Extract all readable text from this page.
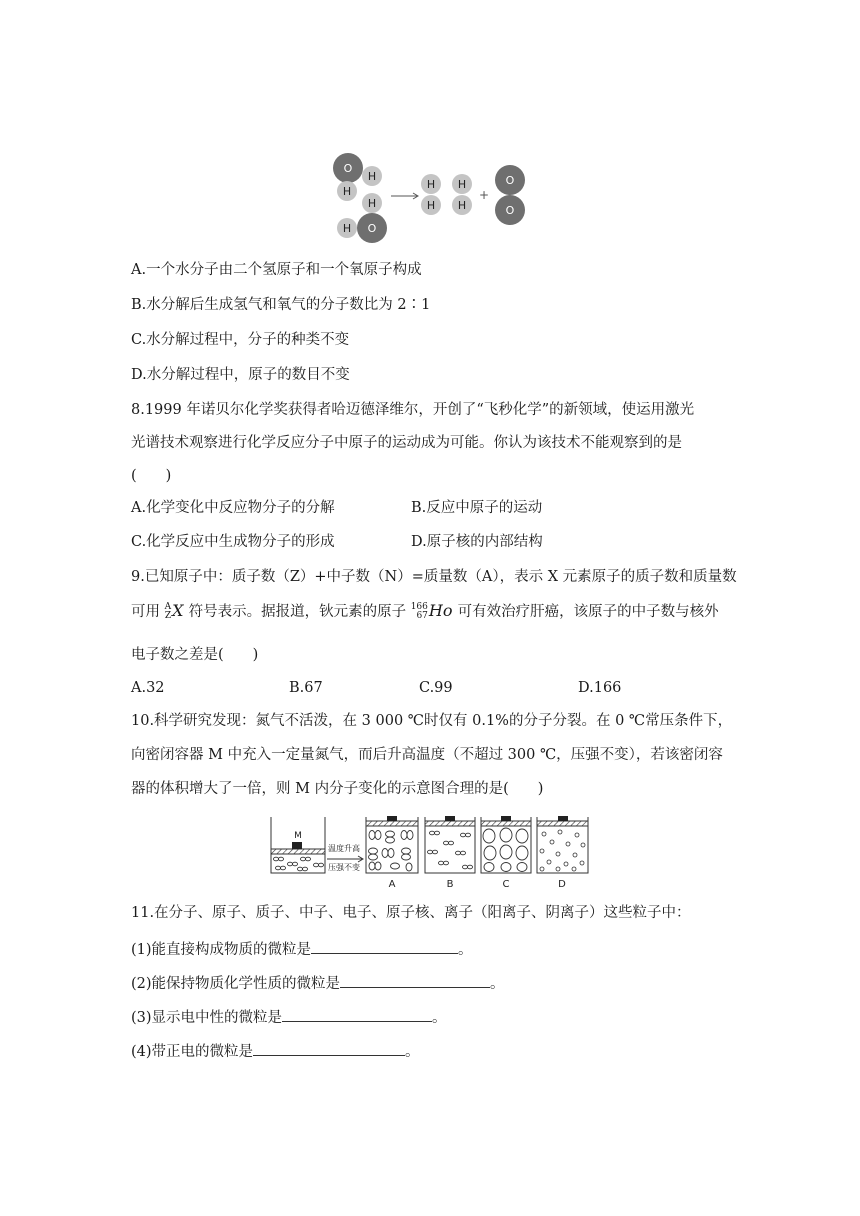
O
H
H
H
H O
H
H
H
H
+
O
O
A.一个水分子由二个氢原子和一个氧原子构成
B.水分解后生成氢气和氧气的分子数比为 2∶1
C.水分解过程中，分子的种类不变
D.水分解过程中，原子的数目不变
8.1999 年诺贝尔化学奖获得者哈迈德泽维尔，开创了“飞秒化学”的新领域，使运用激光
光谱技术观察进行化学反应分子中原子的运动成为可能。你认为该技术不能观察到的是
(　　)
A.化学变化中反应物分子的分解	B.反应中原子的运动
C.化学反应中生成物分子的形成	D.原子核的内部结构
9.已知原子中：质子数（Z）+中子数（N）=质量数（A），表示 X 元素原子的质子数和质量数
可用 A
ZX 符号表示。据报道，钬元素的原子 166
67Ho 可有效治疗肝癌，该原子的中子数与核外
电子数之差是(　　)
A.32	B.67	C.99	D.166
10.科学研究发现：氮气不活泼，在 3 000 ℃时仅有 0.1%的分子分裂。在 0 ℃常压条件下，
向密闭容器 M 中充入一定量氮气，而后升高温度（不超过 300 ℃，压强不变），若该密闭容
器的体积增大了一倍，则 M 内分子变化的示意图合理的是(　　)
M
温度升高
压强不变
A	B	C	D
11.在分子、原子、质子、中子、电子、原子核、离子（阳离子、阴离子）这些粒子中：
(1)能直接构成物质的微粒是	。
(2)能保持物质化学性质的微粒是	。
(3)显示电中性的微粒是	。
(4)带正电的微粒是	。
